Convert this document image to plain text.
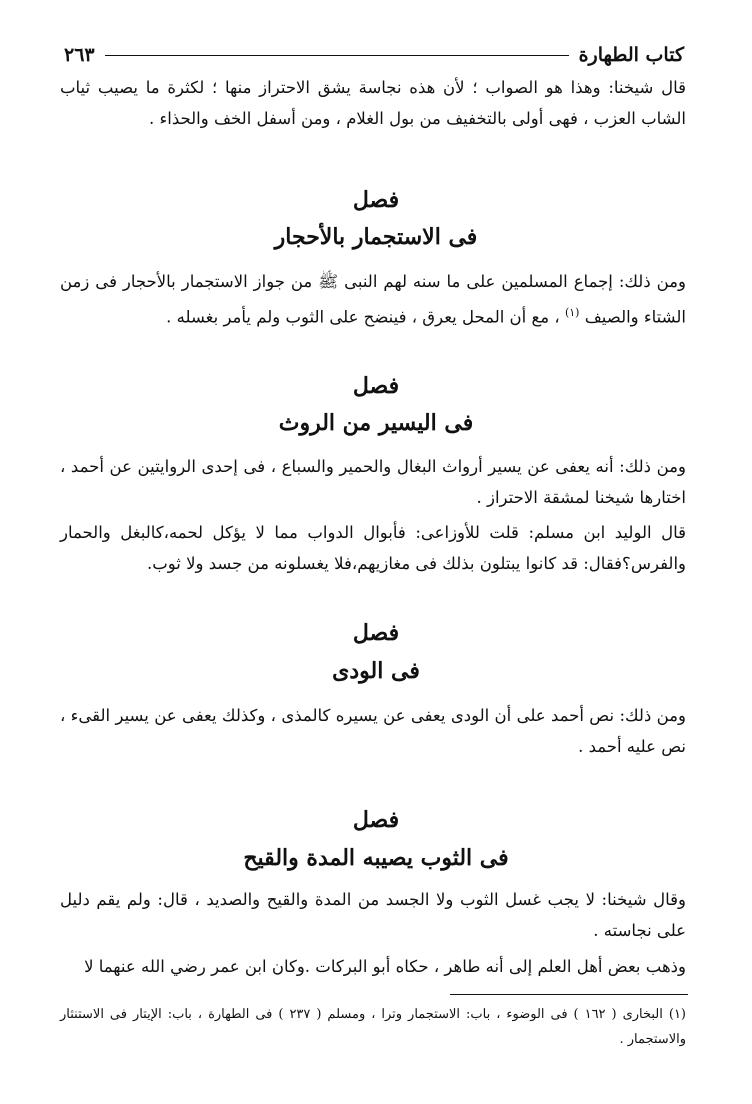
كتاب الطهارة
٢٦٣

قال شيخنا: وهذا هو الصواب ؛ لأن هذه نجاسة يشق الاحتراز منها ؛ لكثرة ما يصيب ثياب الشاب العزب ، فهى أولى بالتخفيف من بول الغلام ، ومن أسفل الخف والحذاء .

فصل
فى الاستجمار بالأحجار

ومن ذلك: إجماع المسلمين على ما سنه لهم النبى ﷺ من جواز الاستجمار بالأحجار فى زمن الشتاء والصيف $^{(١)}$ ، مع أن المحل يعرق ، فينضح على الثوب ولم يأمر بغسله .

فصل
فى اليسير من الروث

ومن ذلك: أنه يعفى عن يسير أرواث البغال والحمير والسباع ، فى إحدى الروايتين عن أحمد ، اختارها شيخنا لمشقة الاحتراز .

قال الوليد ابن مسلم: قلت للأوزاعى: فأبوال الدواب مما لا يؤكل لحمه،كالبغل والحمار والفرس؟فقال: قد كانوا يبتلون بذلك فى مغازيهم،فلا يغسلونه من جسد ولا ثوب.

فصل
فى الودى

ومن ذلك: نص أحمد على أن الودى يعفى عن يسيره كالمذى ، وكذلك يعفى عن يسير القىء ، نص عليه أحمد .

فصل
فى الثوب يصيبه المدة والقيح

وقال شيخنا: لا يجب غسل الثوب ولا الجسد من المدة والقيح والصديد ، قال: ولم يقم دليل على نجاسته .

وذهب بعض أهل العلم إلى أنه طاهر ، حكاه أبو البركات .وكان ابن عمر رضي الله عنهما لا

(١) البخارى ( ١٦٢ ) فى الوضوء ، باب: الاستجمار وترا ، ومسلم ( ٢٣٧ ) فى الطهارة ، باب: الإيتار فى الاستنثار والاستجمار .
